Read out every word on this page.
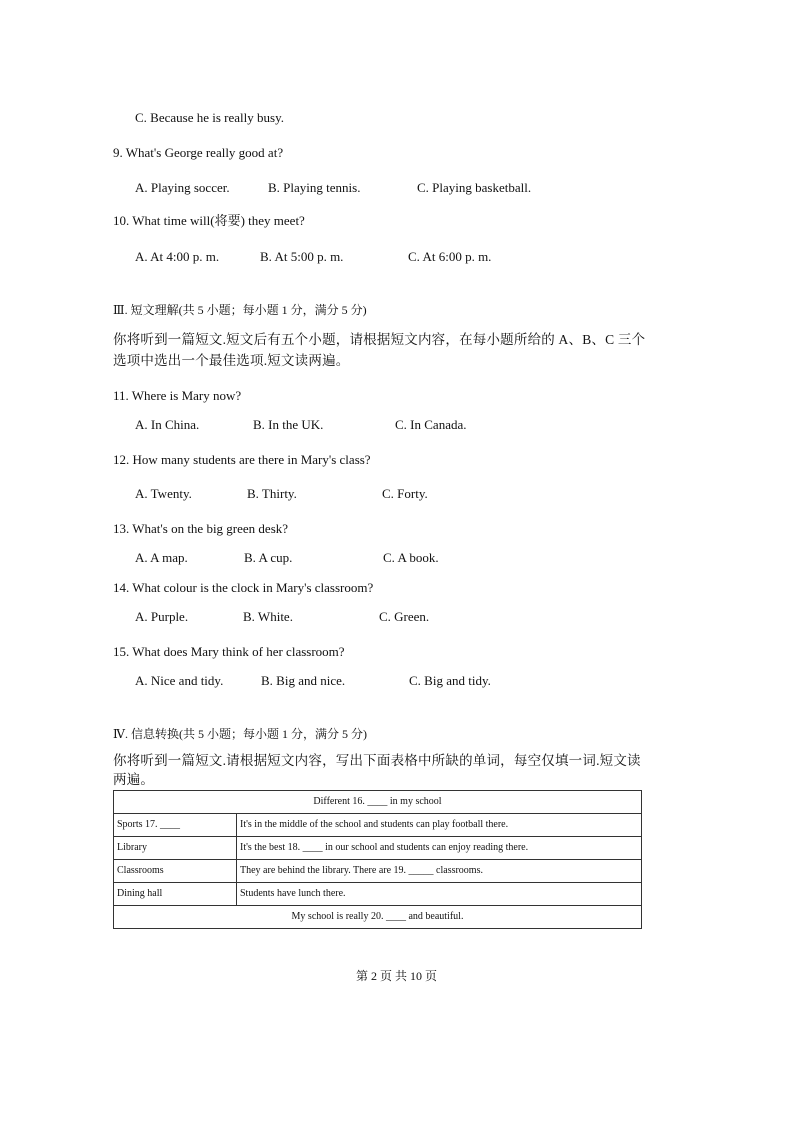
C. Because he is really busy.
9. What's George really good at?
A. Playing soccer.	B. Playing tennis.	C. Playing basketball.
10. What time will(将要) they meet?
A. At 4:00 p. m.	B. At 5:00 p. m.	C. At 6:00 p. m.
Ⅲ. 短文理解(共 5 小题；每小题 1 分，满分 5 分)
你将听到一篇短文.短文后有五个小题，请根据短文内容，在每小题所给的 A、B、C 三个选项中选出一个最佳选项.短文读两遍。
11. Where is Mary now?
A. In China.	B. In the UK.	C. In Canada.
12. How many students are there in Mary's class?
A. Twenty.	B. Thirty.	C. Forty.
13. What's on the big green desk?
A. A map.	B. A cup.	C. A book.
14. What colour is the clock in Mary's classroom?
A. Purple.	B. White.	C. Green.
15. What does Mary think of her classroom?
A. Nice and tidy.	B. Big and nice.	C. Big and tidy.
Ⅳ. 信息转换(共 5 小题；每小题 1 分，满分 5 分)
你将听到一篇短文.请根据短文内容，写出下面表格中所缺的单词，每空仅填一词.短文读两遍。
Different 16. ____ in my school	
Sports 17. ____	It's in the middle of the school and students can play football there.
Library	It's the best 18. ____ in our school and students can enjoy reading there.
Classrooms	They are behind the library. There are 19. _____ classrooms.
Dining hall	Students have lunch there.
My school is really 20. ____ and beautiful.	
第 2 页 共 10 页
